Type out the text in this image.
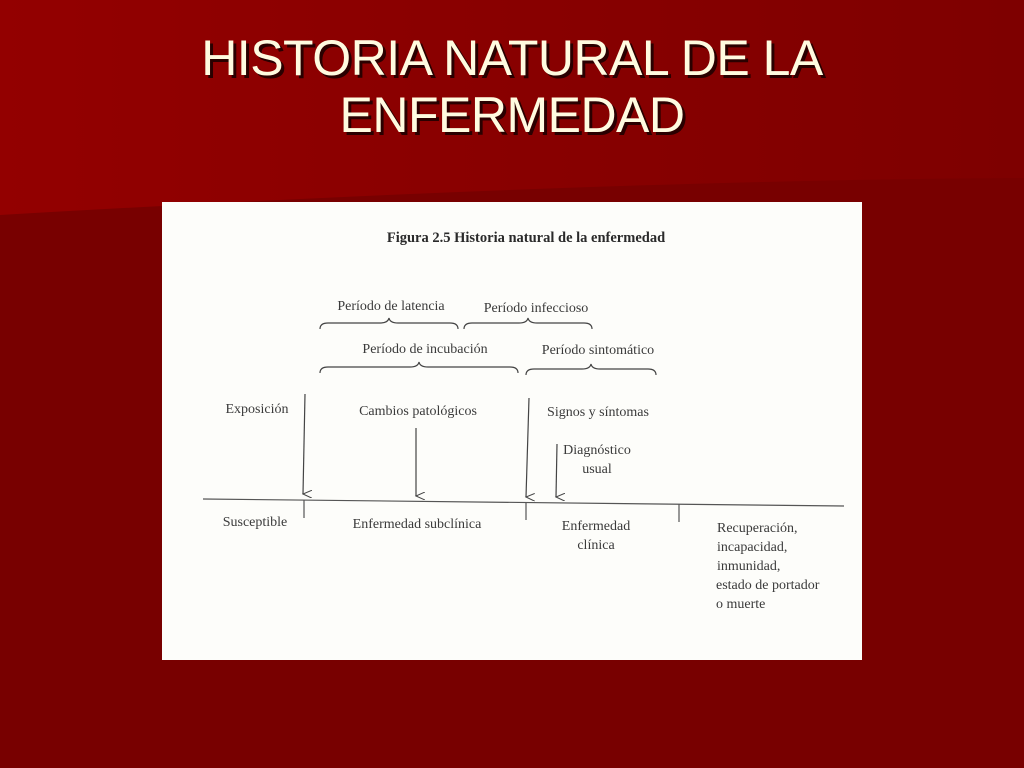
HISTORIA NATURAL DE LA
ENFERMEDAD
Figura 2.5 Historia natural de la enfermedad
Período de latencia	Período infeccioso
Período de incubación	Período sintomático
Exposición	Cambios patológicos	Signos y síntomas
Diagnóstico
usual
Susceptible	Enfermedad subclínica	Enfermedad
clínica
Recuperación,
incapacidad,
inmunidad,
estado de portador
o muerte
